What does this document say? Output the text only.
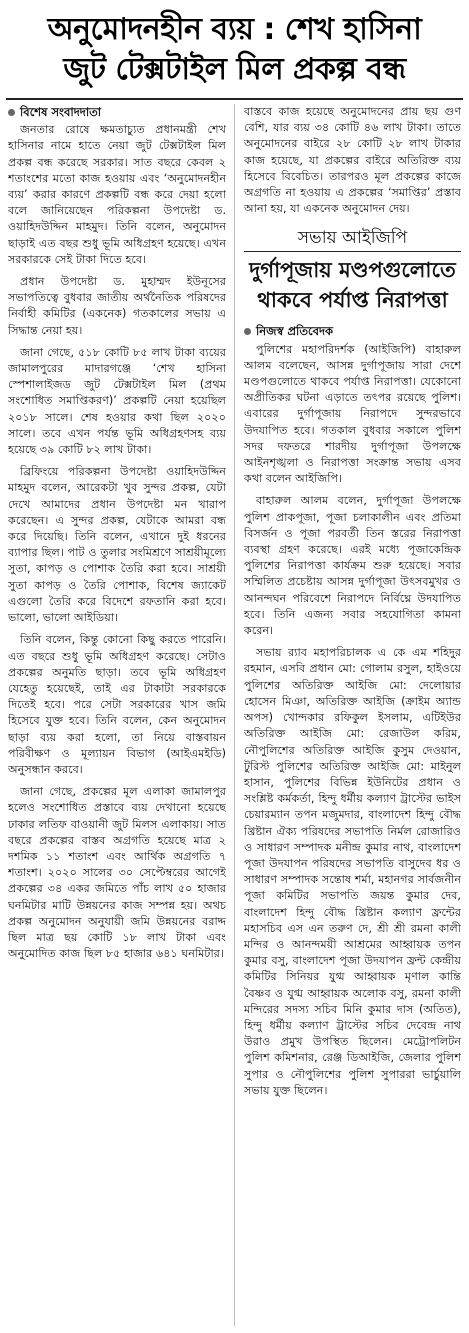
অনুমোদনহীন ব্যয় : শেখ হাসিনা
জুট টেক্সটাইল মিল প্রকল্প বন্ধ
বিশেষ সংবাদদাতা

জনতার রোষে ক্ষমতাচ্যুত প্রধানমন্ত্রী শেখ হাসিনার নামে হাতে নেয়া জুট টেক্সটাইল মিল প্রকল্প বন্ধ করেছে সরকার। সাত বছরে কেবল ২ শতাংশের মতো কাজ হওয়ায় এবং ‘অনুমোদনহীন ব্যয়’ করার কারণে প্রকল্পটি বন্ধ করে দেয়া হলো বলে জানিয়েছেন পরিকল্পনা উপদেষ্টা ড. ওয়াহিদউদ্দিন মাহমুদ। তিনি বলেন, অনুমোদন ছাড়াই এত বছর শুধু ভূমি অধিগ্রহণ হয়েছে। এখন সরকারকে সেই টাকা দিতে হবে।

প্রধান উপদেষ্টা ড. মুহাম্মদ ইউনূসের সভাপতিত্বে বুধবার জাতীয় অর্থনৈতিক পরিষদের নির্বাহী কমিটির (একনেক) গতকালের সভায় এ সিদ্ধান্ত নেয়া হয়।

জানা গেছে, ৫১৮ কোটি ৮৫ লাখ টাকা ব্যয়ের জামালপুরের মাদারগঞ্জে ‘শেখ হাসিনা স্পেশালাইজড জুট টেক্সটাইল মিল (প্রথম সংশোধিত সমাপ্তিকরণ)’ প্রকল্পটি নেয়া হয়েছিল ২০১৮ সালে। শেষ হওয়ার কথা ছিল ২০২০ সালে। তবে এখন পর্যন্ত ভূমি অধিগ্রহণসহ ব্যয় হয়েছে ৩৯ কোটি ৮২ লাখ টাকা।

ব্রিফিংয়ে পরিকল্পনা উপদেষ্টা ওয়াহিদউদ্দিন মাহমুদ বলেন, আরেকটা খুব সুন্দর প্রকল্প, যেটা দেখে আমাদের প্রধান উপদেষ্টা মন খারাপ করেছেন। এ সুন্দর প্রকল্প, যেটাকে আমরা বন্ধ করে দিয়েছি। তিনি বলেন, এখানে দুই ধরনের ব্যাপার ছিল। পাট ও তুলার সংমিশ্রণে সাশ্রয়ীমূল্যে সুতা, কাপড় ও পোশাক তৈরি করা হবে। সাশ্রয়ী সুতা কাপড় ও তৈরি পোশাক, বিশেষ জ্যাকেট এগুলো তৈরি করে বিদেশে রফতানি করা হবে। ভালো, ভালো আইডিয়া।

তিনি বলেন, কিন্তু কোনো কিছু করতে পারেনি। এত বছরে শুধু ভূমি অধিগ্রহণ করেছে। সেটাও প্রকল্পের অনুমতি ছাড়া। তবে ভূমি অধিগ্রহণ যেহেতু হয়েছেই, তাই এর টাকাটা সরকারকে দিতেই হবে। পরে সেটা সরকারের খাস জমি হিসেবে যুক্ত হবে। তিনি বলেন, কেন অনুমোদন ছাড়া ব্যয় করা হলো, তা নিয়ে বাস্তবায়ন পরিবীক্ষণ ও মূল্যায়ন বিভাগ (আইএমইডি) অনুসন্ধান করবে।

জানা গেছে, প্রকল্পের মূল এলাকা জামালপুর হলেও সংশোধিত প্রস্তাবে ব্যয় দেখানো হয়েছে ঢাকার লতিফ বাওয়ানী জুট মিলস এলাকায়। সাত বছরে প্রকল্পের বাস্তব অগ্রগতি হয়েছে মাত্র ২ দশমিক ১১ শতাংশ এবং আর্থিক অগ্রগতি ৭ শতাংশ। ২০২০ সালের ৩০ সেপ্টেম্বরের আগেই প্রকল্পের ৩৪ একর জমিতে পাঁচ লাখ ৫০ হাজার ঘনমিটার মাটি উন্নয়নের কাজ সম্পন্ন হয়। অথচ প্রকল্প অনুমোদন অনুযায়ী জমি উন্নয়নের বরাদ্দ ছিল মাত্র ছয় কোটি ১৮ লাখ টাকা এবং অনুমোদিত কাজ ছিল ৮৫ হাজার ৬৪১ ঘনমিটার।

বাস্তবে কাজ হয়েছে অনুমোদনের প্রায় ছয় গুণ বেশি, যার ব্যয় ৩৪ কোটি ৪৬ লাখ টাকা। তাতে অনুমোদনের বাইরে ২৮ কোটি ২৮ লাখ টাকার কাজ হয়েছে, যা প্রকল্পের বাইরে অতিরিক্ত ব্যয় হিসেবে বিবেচিত। তারপরও মূল প্রকল্পের কাজে অগ্রগতি না হওয়ায় এ প্রকল্পের ‘সমাপ্তির’ প্রস্তাব আনা হয়, যা একনেক অনুমোদন দেয়।

সভায় আইজিপি
দুর্গাপূজায় মণ্ডপগুলোতে থাকবে পর্যাপ্ত নিরাপত্তা
নিজস্ব প্রতিবেদক

পুলিশের মহাপরিদর্শক (আইজিপি) বাহারুল আলম বলেছেন, আসন্ন দুর্গাপূজায় সারা দেশে মণ্ডপগুলোতে থাকবে পর্যাপ্ত নিরাপত্তা। যেকোনো অপ্রীতিকর ঘটনা এড়াতে তৎপর রয়েছে পুলিশ। এবারের দুর্গাপূজায় নিরাপদে সুন্দরভাবে উদযাপিত হবে। গতকাল বুধবার সকালে পুলিশ সদর দফতরে শারদীয় দুর্গাপূজা উপলক্ষে আইনশৃঙ্খলা ও নিরাপত্তা সংক্রান্ত সভায় এসব কথা বলেন আইজিপি।

বাহারুল আলম বলেন, দুর্গাপূজা উপলক্ষে পুলিশ প্রাকপূজা, পূজা চলাকালীন এবং প্রতিমা বিসর্জন ও পূজা পরবর্তী তিন স্তরের নিরাপত্তা ব্যবস্থা গ্রহণ করেছে। এরই মধ্যে পূজাকেন্দ্রিক পুলিশের নিরাপত্তা কার্যক্রম শুরু হয়েছে। সবার সম্মিলিত প্রচেষ্টায় আসন্ন দুর্গাপূজা উৎসবমুখর ও আনন্দঘন পরিবেশে নিরাপদে নির্বিঘ্নে উদযাপিত হবে। তিনি এজন্য সবার সহযোগিতা কামনা করেন।

সভায় র‍্যাব মহাপরিচালক এ কে এম শহিদুর রহমান, এসবি প্রধান মো: গোলাম রসুল, হাইওয়ে পুলিশের অতিরিক্ত আইজি মো: দেলোয়ার হোসেন মিঞা, অতিরিক্ত আইজি (ক্রাইম অ্যান্ড অপস) খোন্দকার রফিকুল ইসলাম, এটিইউর অতিরিক্ত আইজি মো: রেজাউল করিম, নৌপুলিশের অতিরিক্ত আইজি কুসুম দেওয়ান, টুরিস্ট পুলিশের অতিরিক্ত আইজি মো: মাইনুল হাসান, পুলিশের বিভিন্ন ইউনিটের প্রধান ও সংশ্লিষ্ট কর্মকর্তা, হিন্দু ধর্মীয় কল্যাণ ট্রাস্টের ভাইস চেয়ারম্যান তপন মজুমদার, বাংলাদেশ হিন্দু বৌদ্ধ খ্রিষ্টান ঐক্য পরিষদের সভাপতি নির্মল রোজারিও ও সাধারণ সম্পাদক মনীন্দ্র কুমার নাথ, বাংলাদেশ পূজা উদযাপন পরিষদের সভাপতি বাসুদেব ধর ও সাধারণ সম্পাদক সন্তোষ শর্মা, মহানগর সার্বজনীন পূজা কমিটির সভাপতি জয়ন্ত কুমার দেব, বাংলাদেশ হিন্দু বৌদ্ধ খ্রিষ্টান কল্যাণ ফ্রন্টের মহাসচিব এস এন তরুণ দে, শ্রী শ্রী রমনা কালী মন্দির ও আনন্দময়ী আশ্রমের আহ্বায়ক তপন কুমার বসু, বাংলাদেশ পূজা উদযাপন ফ্রন্ট কেন্দ্রীয় কমিটির সিনিয়র যুগ্ম আহ্বায়ক মৃণাল কান্তি বৈষ্ণব ও যুগ্ম আহ্বায়ক অলোক বসু, রমনা কালী মন্দিরের সদস্য সচিব মিনি কুমার দাস (অতিত), হিন্দু ধর্মীয় কল্যাণ ট্রাস্টের সচিব দেবেন্দ্র নাথ উরাও প্রমুখ উপস্থিত ছিলেন। মেট্রোপলিটন পুলিশ কমিশনার, রেঞ্জ ডিআইজি, জেলার পুলিশ সুপার ও নৌপুলিশের পুলিশ সুপাররা ভার্চুয়ালি সভায় যুক্ত ছিলেন।
